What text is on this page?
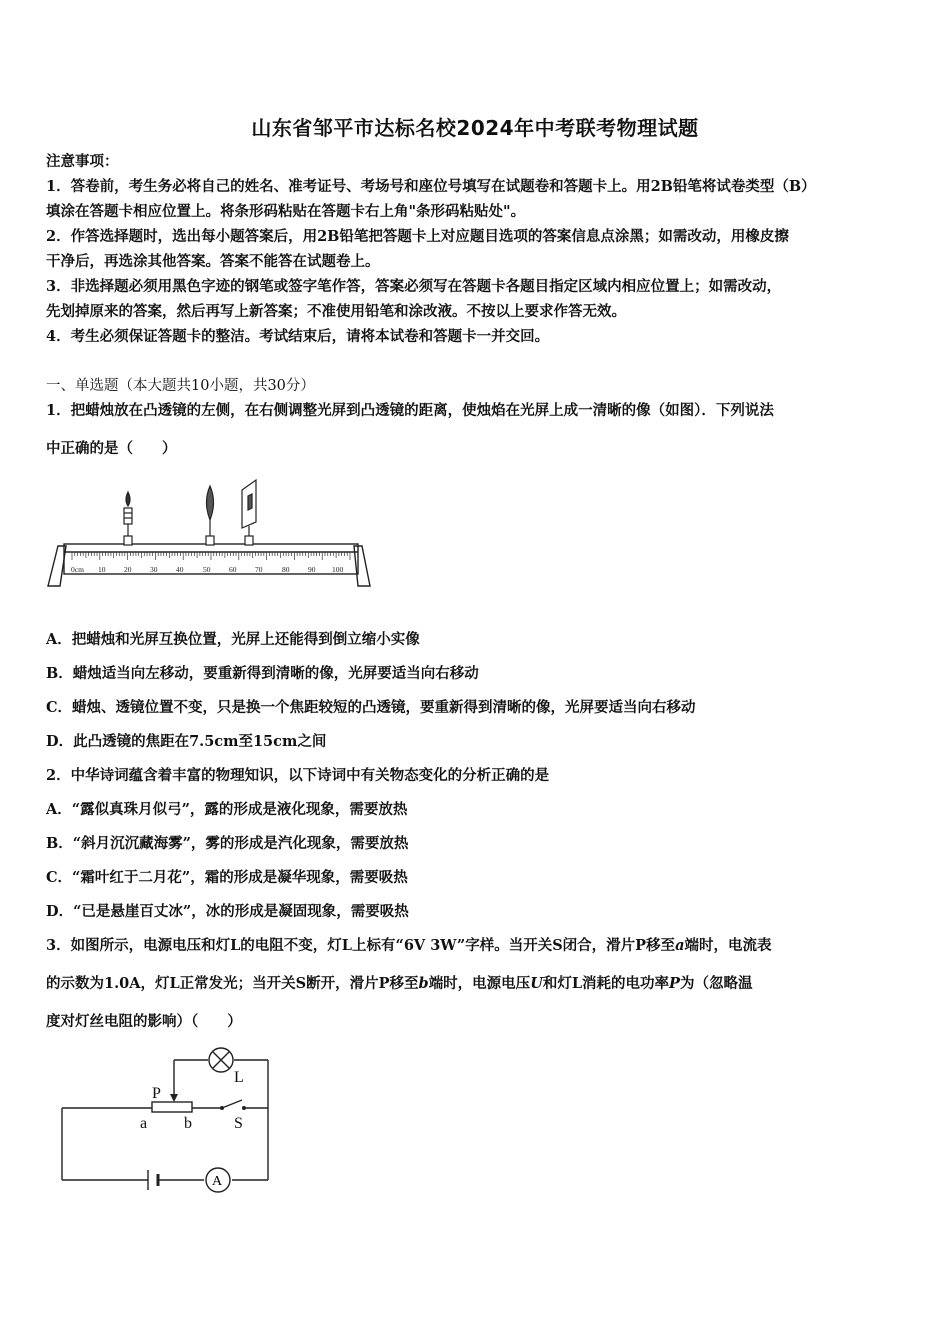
山东省邹平市达标名校2024年中考联考物理试题
注意事项：
1．答卷前，考生务必将自己的姓名、准考证号、考场号和座位号填写在试题卷和答题卡上。用2B铅笔将试卷类型（B）
填涂在答题卡相应位置上。将条形码粘贴在答题卡右上角"条形码粘贴处"。
2．作答选择题时，选出每小题答案后，用2B铅笔把答题卡上对应题目选项的答案信息点涂黑；如需改动，用橡皮擦
干净后，再选涂其他答案。答案不能答在试题卷上。
3．非选择题必须用黑色字迹的钢笔或签字笔作答，答案必须写在答题卡各题目指定区域内相应位置上；如需改动，
先划掉原来的答案，然后再写上新答案；不准使用铅笔和涂改液。不按以上要求作答无效。
4．考生必须保证答题卡的整洁。考试结束后，请将本试卷和答题卡一并交回。
一、单选题（本大题共10小题，共30分）
1．把蜡烛放在凸透镜的左侧，在右侧调整光屏到凸透镜的距离，使烛焰在光屏上成一清晰的像（如图）．下列说法
中正确的是（　　）
0cm 10 20 30 40	50 60 70	80 90 100
A．把蜡烛和光屏互换位置，光屏上还能得到倒立缩小实像
B．蜡烛适当向左移动，要重新得到清晰的像，光屏要适当向右移动
C．蜡烛、透镜位置不变，只是换一个焦距较短的凸透镜，要重新得到清晰的像，光屏要适当向右移动
D．此凸透镜的焦距在7.5cm至15cm之间
2．中华诗词蕴含着丰富的物理知识，以下诗词中有关物态变化的分析正确的是
A．“露似真珠月似弓”，露的形成是液化现象，需要放热
B．“斜月沉沉藏海雾”，雾的形成是汽化现象，需要放热
C．“霜叶红于二月花”，霜的形成是凝华现象，需要吸热
D．“已是悬崖百丈冰”，冰的形成是凝固现象，需要吸热
3．如图所示，电源电压和灯L的电阻不变，灯L上标有“6V 3W”字样。当开关S闭合，滑片P移至a端时，电流表
的示数为1.0A，灯L正常发光；当开关S断开，滑片P移至b端时，电源电压U和灯L消耗的电功率P为（忽略温
度对灯丝电阻的影响）（　　）
A
P
L
a b	S
